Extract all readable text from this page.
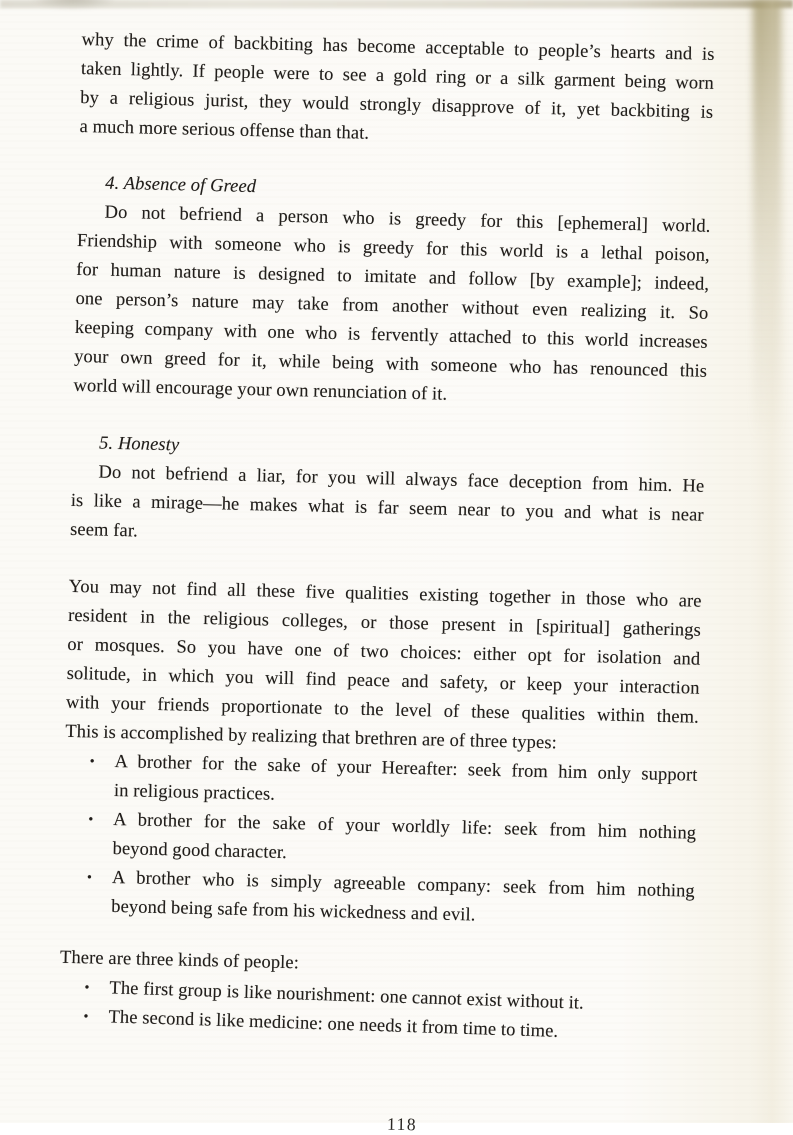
why the crime of backbiting has become acceptable to people’s hearts and is
taken lightly. If people were to see a gold ring or a silk garment being worn
by a religious jurist, they would strongly disapprove of it, yet backbiting is
a much more serious offense than that.
4. Absence of Greed
Do not befriend a person who is greedy for this [ephemeral] world.
Friendship with someone who is greedy for this world is a lethal poison,
for human nature is designed to imitate and follow [by example]; indeed,
one person’s nature may take from another without even realizing it. So
keeping company with one who is fervently attached to this world increases
your own greed for it, while being with someone who has renounced this
world will encourage your own renunciation of it.
5. Honesty
Do not befriend a liar, for you will always face deception from him. He
is like a mirage—he makes what is far seem near to you and what is near
seem far.
You may not find all these five qualities existing together in those who are
resident in the religious colleges, or those present in [spiritual] gatherings
or mosques. So you have one of two choices: either opt for isolation and
solitude, in which you will find peace and safety, or keep your interaction
with your friends proportionate to the level of these qualities within them.
This is accomplished by realizing that brethren are of three types:
• A brother for the sake of your Hereafter: seek from him only support
in religious practices.
• A brother for the sake of your worldly life: seek from him nothing
beyond good character.
• A brother who is simply agreeable company: seek from him nothing
beyond being safe from his wickedness and evil.
There are three kinds of people:
• The first group is like nourishment: one cannot exist without it.
• The second is like medicine: one needs it from time to time.
118
